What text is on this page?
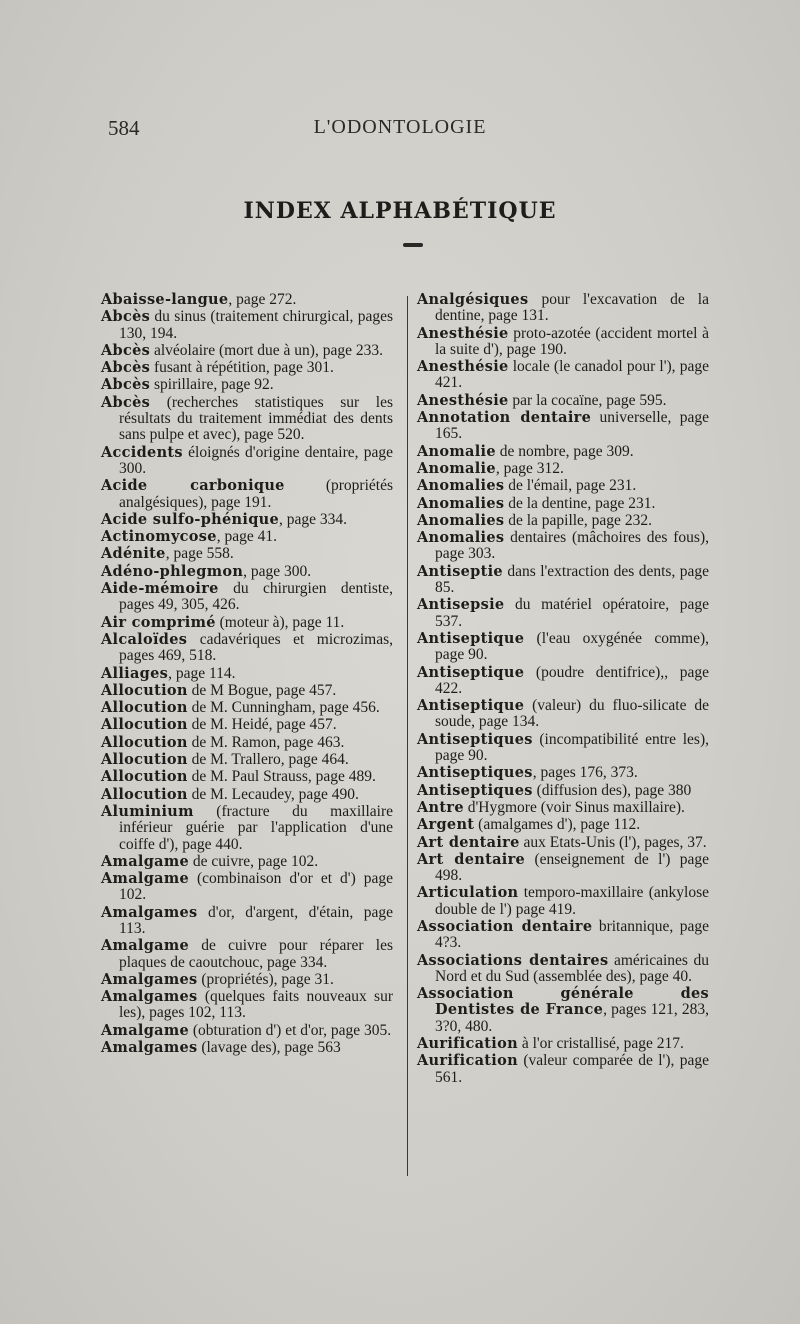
584	L'ODONTOLOGIE
INDEX ALPHABÉTIQUE
Abaisse-langue, page 272.
Abcès du sinus (traitement chirurgical, pages 130, 194.
Abcès alvéolaire (mort due à un), page 233.
Abcès fusant à répétition, page 301.
Abcès spirillaire, page 92.
Abcès (recherches statistiques sur les résultats du traitement immédiat des dents sans pulpe et avec), page 520.
Accidents éloignés d'origine dentaire, page 300.
Acide carbonique (propriétés analgésiques), page 191.
Acide sulfo-phénique, page 334.
Actinomycose, page 41.
Adénite, page 558.
Adéno-phlegmon, page 300.
Aide-mémoire du chirurgien dentiste, pages 49, 305, 426.
Air comprimé (moteur à), page 11.
Alcaloïdes cadavériques et microzimas, pages 469, 518.
Alliages, page 114.
Allocution de M Bogue, page 457.
Allocution de M. Cunningham, page 456.
Allocution de M. Heidé, page 457.
Allocution de M. Ramon, page 463.
Allocution de M. Trallero, page 464.
Allocution de M. Paul Strauss, page 489.
Allocution de M. Lecaudey, page 490.
Aluminium (fracture du maxillaire inférieur guérie par l'application d'une coiffe d'), page 440.
Amalgame de cuivre, page 102.
Amalgame (combinaison d'or et d') page 102.
Amalgames d'or, d'argent, d'étain, page 113.
Amalgame de cuivre pour réparer les plaques de caoutchouc, page 334.
Amalgames (propriétés), page 31.
Amalgames (quelques faits nouveaux sur les), pages 102, 113.
Amalgame (obturation d') et d'or, page 305.
Amalgames (lavage des), page 563
Analgésiques pour l'excavation de la dentine, page 131.
Anesthésie proto-azotée (accident mortel à la suite d'), page 190.
Anesthésie locale (le canadol pour l'), page 421.
Anesthésie par la cocaïne, page 595.
Annotation dentaire universelle, page 165.
Anomalie de nombre, page 309.
Anomalie, page 312.
Anomalies de l'émail, page 231.
Anomalies de la dentine, page 231.
Anomalies de la papille, page 232.
Anomalies dentaires (mâchoires des fous), page 303.
Antiseptie dans l'extraction des dents, page 85.
Antisepsie du matériel opératoire, page 537.
Antiseptique (l'eau oxygénée comme), page 90.
Antiseptique (poudre dentifrice),, page 422.
Antiseptique (valeur) du fluo-silicate de soude, page 134.
Antiseptiques (incompatibilité entre les), page 90.
Antiseptiques, pages 176, 373.
Antiseptiques (diffusion des), page 380
Antre d'Hygmore (voir Sinus maxillaire).
Argent (amalgames d'), page 112.
Art dentaire aux Etats-Unis (l'), pages, 37.
Art dentaire (enseignement de l') page 498.
Articulation temporo-maxillaire (ankylose double de l') page 419.
Association dentaire britannique, page 4?3.
Associations dentaires américaines du Nord et du Sud (assemblée des), page 40.
Association générale des Dentistes de France, pages 121, 283, 3?0, 480.
Aurification à l'or cristallisé, page 217.
Aurification (valeur comparée de l'), page 561.
